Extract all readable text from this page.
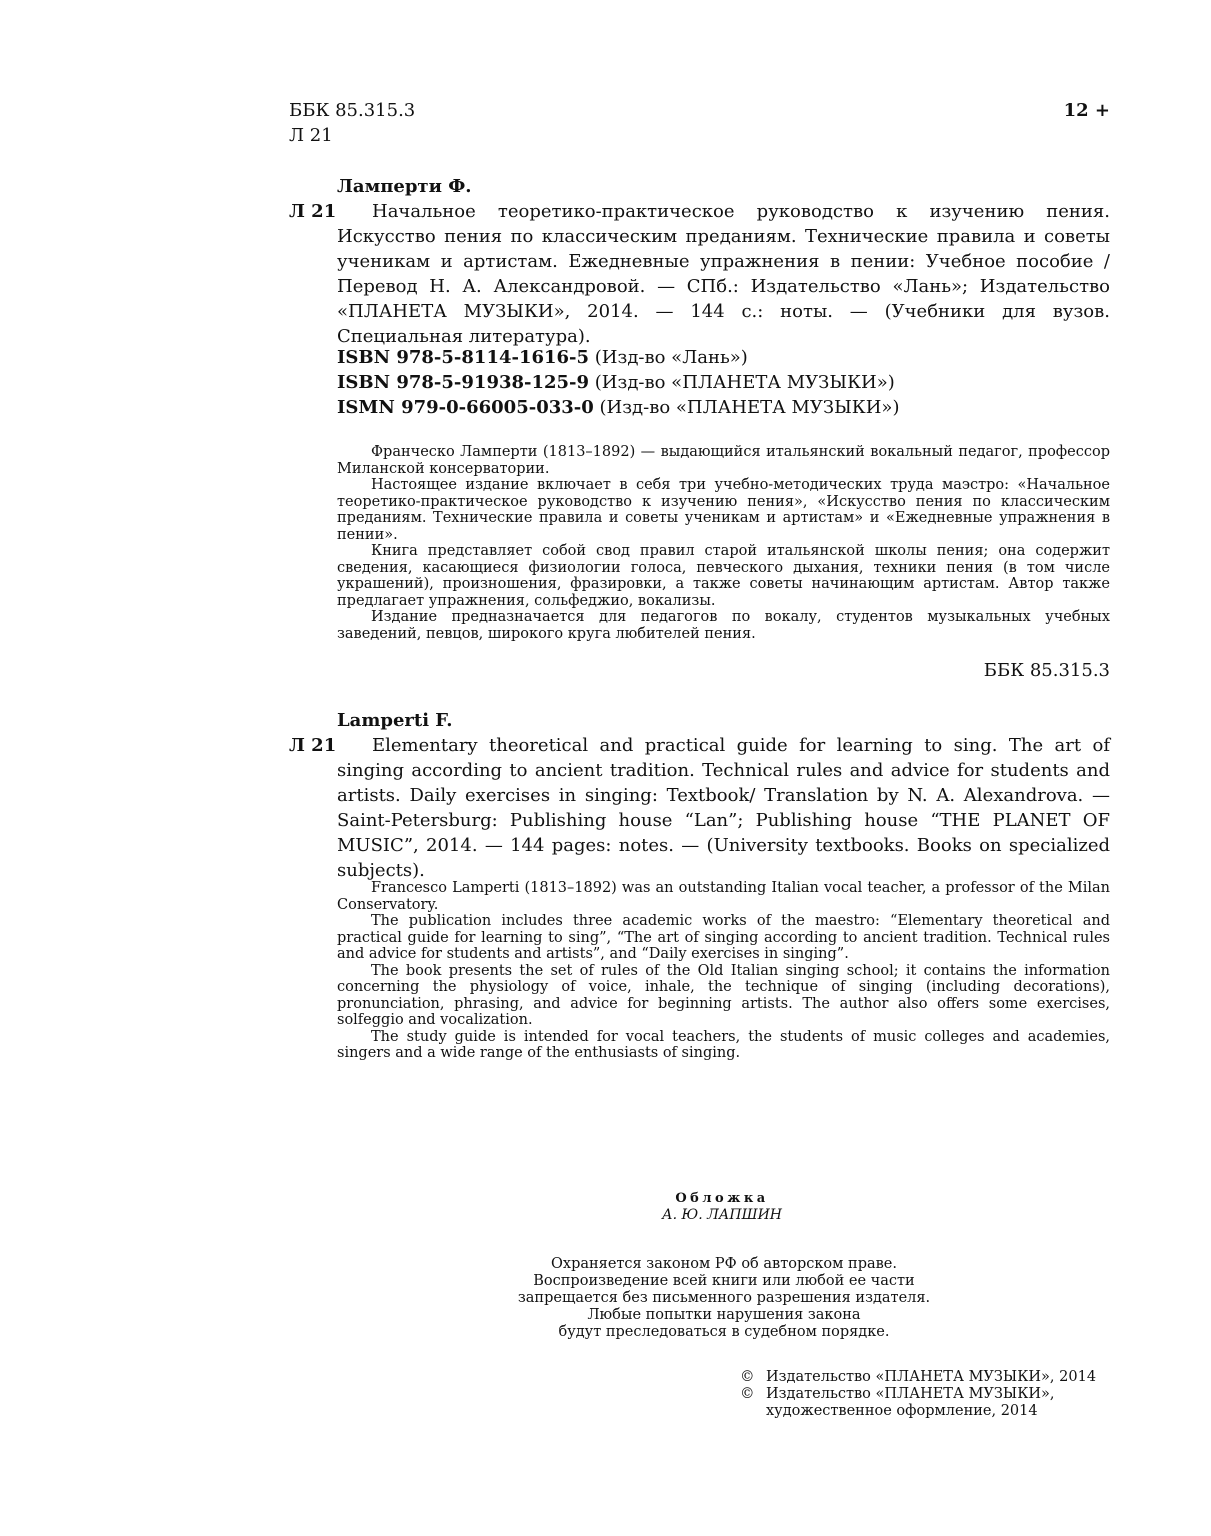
ББК 85.315.3
Л 21
12 +
Ламперти Ф.
Л 21	Начальное теоретико-практическое руководство к изучению пения. Искусство пения по классическим преданиям. Технические правила и советы ученикам и артистам. Ежедневные упражнения в пении: Учебное пособие / Перевод Н. А. Александровой. — СПб.: Издательство «Лань»; Издательство «ПЛАНЕТА МУЗЫКИ», 2014. — 144 с.: ноты. — (Учебники для вузов. Специальная литература).
ISBN 978-5-8114-1616-5 (Изд-во «Лань»)
ISBN 978-5-91938-125-9 (Изд-во «ПЛАНЕТА МУЗЫКИ»)
ISMN 979-0-66005-033-0 (Изд-во «ПЛАНЕТА МУЗЫКИ»)

Франческо Ламперти (1813–1892) — выдающийся итальянский вокальный педагог, профессор Миланской консерватории.

Настоящее издание включает в себя три учебно-методических труда маэстро: «Начальное теоретико-практическое руководство к изучению пения», «Искусство пения по классическим преданиям. Технические правила и советы ученикам и артистам» и «Ежедневные упражнения в пении».

Книга представляет собой свод правил старой итальянской школы пения; она содержит сведения, касающиеся физиологии голоса, певческого дыхания, техники пения (в том числе украшений), произношения, фразировки, а также советы начинающим артистам. Автор также предлагает упражнения, сольфеджио, вокализы.

Издание предназначается для педагогов по вокалу, студентов музыкальных учебных заведений, певцов, широкого круга любителей пения.

ББК 85.315.3
Lamperti F.
Л 21	Elementary theoretical and practical guide for learning to sing. The art of singing according to ancient tradition. Technical rules and advice for students and artists. Daily exercises in singing: Textbook/ Translation by N. A. Alexandrova. — Saint-Petersburg: Publishing house “Lan”; Publishing house “THE PLANET OF MUSIC”, 2014. — 144 pages: notes. — (University textbooks. Books on specialized subjects).

Francesco Lamperti (1813–1892) was an outstanding Italian vocal teacher, a professor of the Milan Conservatory.

The publication includes three academic works of the maestro: “Elementary theoretical and practical guide for learning to sing”, “The art of singing according to ancient tradition. Technical rules and advice for students and artists”, and “Daily exercises in singing”.

The book presents the set of rules of the Old Italian singing school; it contains the information concerning the physiology of voice, inhale, the technique of singing (including decorations), pronunciation, phrasing, and advice for beginning artists. The author also offers some exercises, solfeggio and vocalization.

The study guide is intended for vocal teachers, the students of music colleges and academies, singers and a wide range of the enthusiasts of singing.

Обложка
А. Ю. ЛАПШИН
Охраняется законом РФ об авторском праве.
Воспроизведение всей книги или любой ее части
запрещается без письменного разрешения издателя.
Любые попытки нарушения закона
будут преследоваться в судебном порядке.
© Издательство «ПЛАНЕТА МУЗЫКИ», 2014
© Издательство «ПЛАНЕТА МУЗЫКИ», художественное оформление, 2014
